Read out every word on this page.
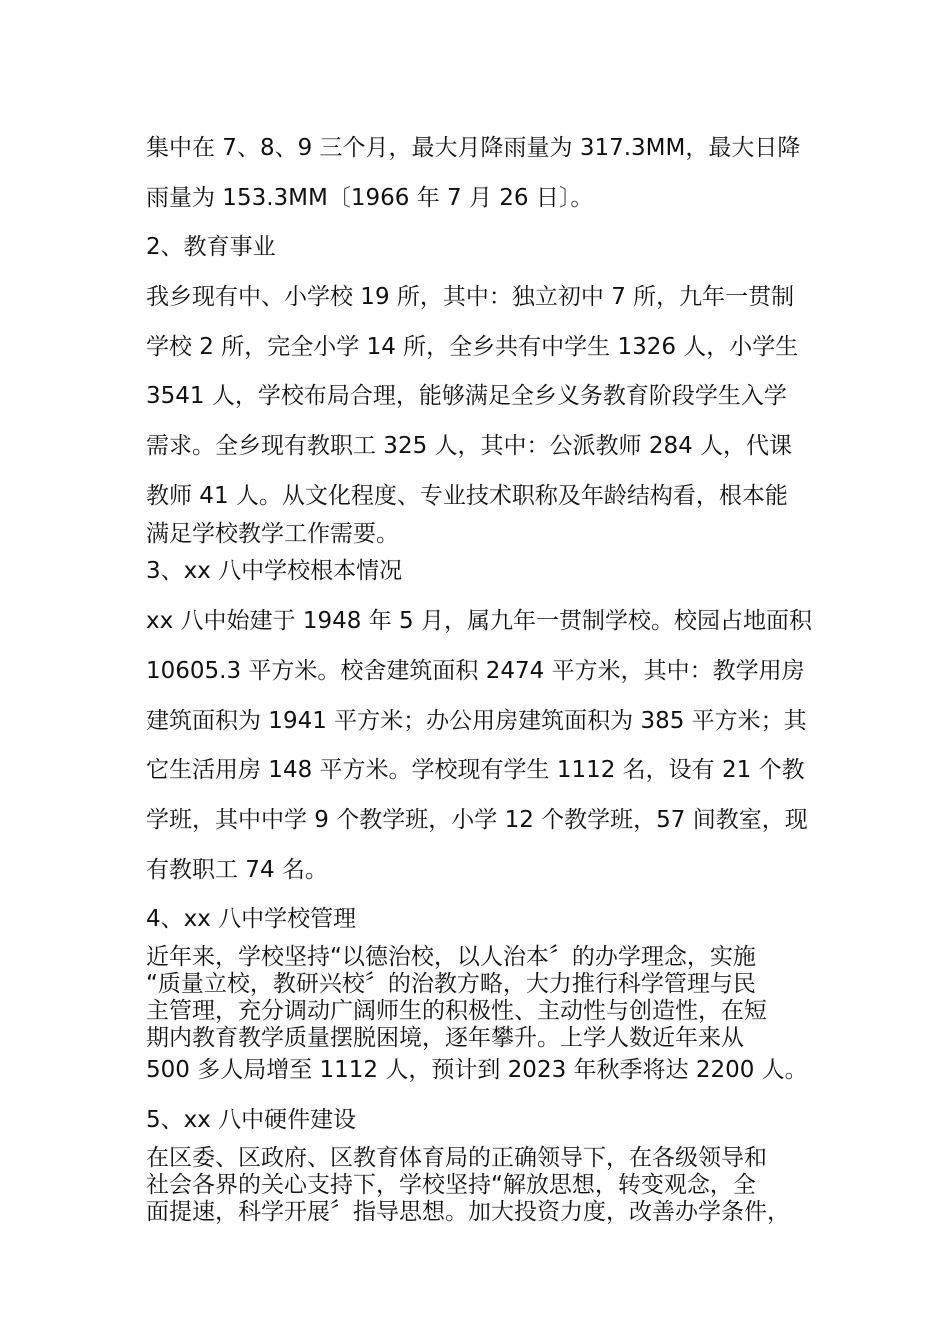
集中在 7、8、9 三个月，最大月降雨量为 317.3MM，最大日降
雨量为 153.3MM〔1966 年 7 月 26 日〕。
2、教育事业
我乡现有中、小学校 19 所，其中：独立初中 7 所，九年一贯制
学校 2 所，完全小学 14 所，全乡共有中学生 1326 人，小学生
3541 人，学校布局合理，能够满足全乡义务教育阶段学生入学
需求。全乡现有教职工 325 人，其中：公派教师 284 人，代课
教师 41 人。从文化程度、专业技术职称及年龄结构看，根本能
满足学校教学工作需要。
3、xx 八中学校根本情况
xx 八中始建于 1948 年 5 月，属九年一贯制学校。校园占地面积
10605.3 平方米。校舍建筑面积 2474 平方米，其中：教学用房
建筑面积为 1941 平方米；办公用房建筑面积为 385 平方米；其
它生活用房 148 平方米。学校现有学生 1112 名，设有 21 个教
学班，其中中学 9 个教学班，小学 12 个教学班，57 间教室，现
有教职工 74 名。
4、xx 八中学校管理
近年来，学校坚持“以德治校，以人治本〞的办学理念，实施
“质量立校，教研兴校〞的治教方略，大力推行科学管理与民
主管理，充分调动广阔师生的积极性、主动性与创造性，在短
期内教育教学质量摆脱困境，逐年攀升。上学人数近年来从
500 多人局增至 1112 人，预计到 2023 年秋季将达 2200 人。
5、xx 八中硬件建设
在区委、区政府、区教育体育局的正确领导下，在各级领导和
社会各界的关心支持下，学校坚持“解放思想，转变观念，全
面提速，科学开展〞指导思想。加大投资力度，改善办学条件，
